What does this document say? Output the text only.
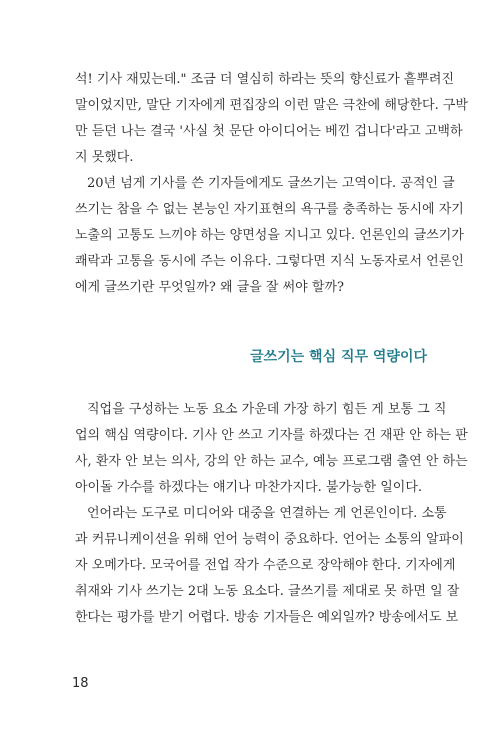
석! 기사 재밌는데." 조금 더 열심히 하라는 뜻의 향신료가 흩뿌려진
말이었지만, 말단 기자에게 편집장의 이런 말은 극찬에 해당한다. 구박
만 듣던 나는 결국 '사실 첫 문단 아이디어는 베낀 겁니다'라고 고백하
지 못했다.
20년 넘게 기사를 쓴 기자들에게도 글쓰기는 고역이다. 공적인 글
쓰기는 참을 수 없는 본능인 자기표현의 욕구를 충족하는 동시에 자기
노출의 고통도 느끼야 하는 양면성을 지니고 있다. 언론인의 글쓰기가
쾌락과 고통을 동시에 주는 이유다. 그렇다면 지식 노동자로서 언론인
에게 글쓰기란 무엇일까? 왜 글을 잘 써야 할까?
글쓰기는 핵심 직무 역량이다
직업을 구성하는 노동 요소 가운데 가장 하기 힘든 게 보통 그 직
업의 핵심 역량이다. 기사 안 쓰고 기자를 하겠다는 건 재판 안 하는 판
사, 환자 안 보는 의사, 강의 안 하는 교수, 예능 프로그램 출연 안 하는
아이돌 가수를 하겠다는 얘기나 마찬가지다. 불가능한 일이다.
언어라는 도구로 미디어와 대중을 연결하는 게 언론인이다. 소통
과 커뮤니케이션을 위해 언어 능력이 중요하다. 언어는 소통의 알파이
자 오메가다. 모국어를 전업 작가 수준으로 장악해야 한다. 기자에게
취재와 기사 쓰기는 2대 노동 요소다. 글쓰기를 제대로 못 하면 일 잘
한다는 평가를 받기 어렵다. 방송 기자들은 예외일까? 방송에서도 보
18
